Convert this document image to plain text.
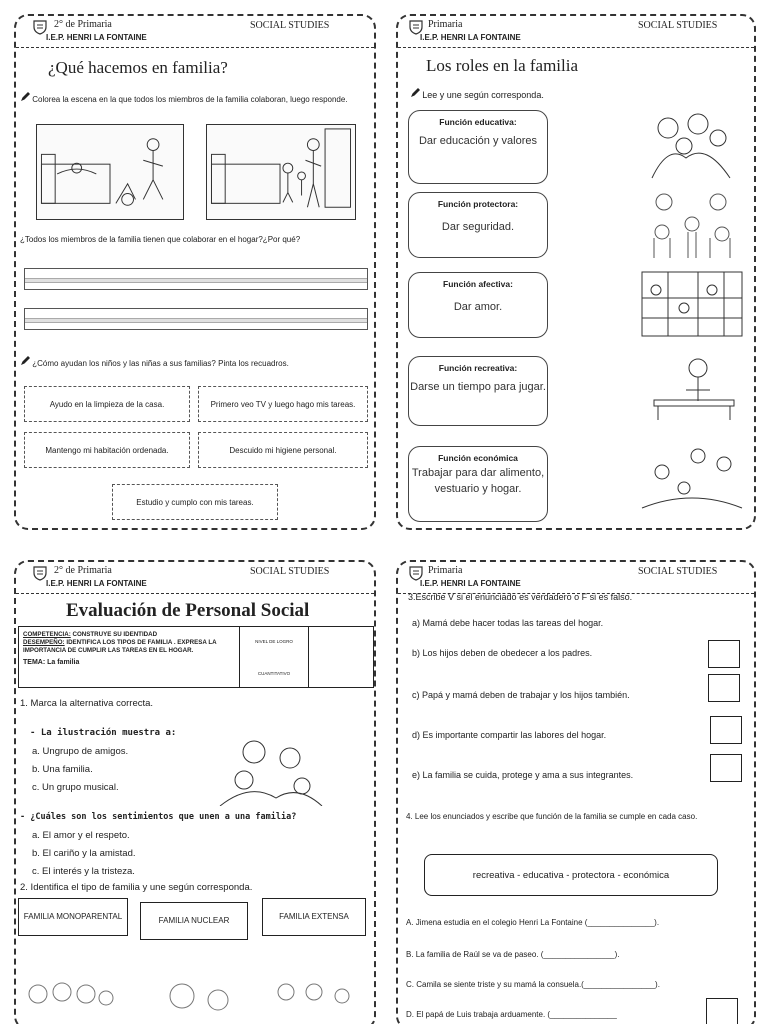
2° de Primaria
I.E.P. HENRI LA FONTAINE
SOCIAL STUDIES
¿Qué hacemos en familia?
Colorea la escena en la que todos los miembros de la familia colaboran, luego responde.
¿Todos los miembros de la familia tienen que colaborar en el hogar?¿Por qué?
¿Cómo ayudan los niños y las niñas a sus familias? Pinta los recuadros.
Ayudo en la limpieza de la casa.	Primero veo TV y luego hago mis tareas.
Mantengo mi habitación ordenada.	Descuido mi higiene personal.
Estudio y cumplo con mis tareas.
Primaria
I.E.P. HENRI LA FONTAINE
SOCIAL STUDIES
Los roles en la familia
Lee y une según corresponda.
Función educativa:
Dar educación y valores
Función protectora:
Dar seguridad.
Función afectiva:
Dar amor.
Función recreativa:
Darse un tiempo para jugar.
Función económica
Trabajar para dar alimento, vestuario y hogar.
2° de Primaria
I.E.P. HENRI LA FONTAINE
SOCIAL STUDIES
Evaluación de Personal Social
COMPETENCIA: CONSTRUYE SU IDENTIDAD
DESEMPEÑO: IDENTIFICA LOS TIPOS DE FAMILIA . EXPRESA LA IMPORTANCIA DE CUMPLIR LAS TAREAS EN EL HOGAR.
TEMA: La familia
NIVEL DE LOGRO
CUANTITATIVO
1. Marca la alternativa correcta.
- La ilustración muestra a:
a. Ungrupo de amigos.
b. Una familia.
c. Un grupo musical.
- ¿Cuáles son los sentimientos que unen a una familia?
a. El amor y el respeto.
b. El cariño y la amistad.
c. El interés y la tristeza.
2. Identifica el tipo de familia y une según corresponda.
FAMILIA MONOPARENTAL	FAMILIA NUCLEAR	FAMILIA EXTENSA
Primaria
I.E.P. HENRI LA FONTAINE
SOCIAL STUDIES
3.Escribe V si el enunciado es verdadero o F si es falso.
a) Mamá debe hacer todas las tareas del hogar.
b) Los hijos deben de obedecer a los padres.
c) Papá y mamá deben de trabajar y los hijos también.
d) Es importante compartir las labores del hogar.
e) La familia se cuida, protege y ama a sus integrantes.
4. Lee los enunciados y escribe que función de la familia se cumple en cada caso.
recreativa - educativa - protectora - económica
A. Jimena estudia en el colegio Henri La Fontaine (_______________).
B. La familia de Raúl se va de paseo. (________________).
C. Camila se siente triste y su mamá la consuela.(________________).
D. El papá de Luis trabaja arduamente. (_______________
